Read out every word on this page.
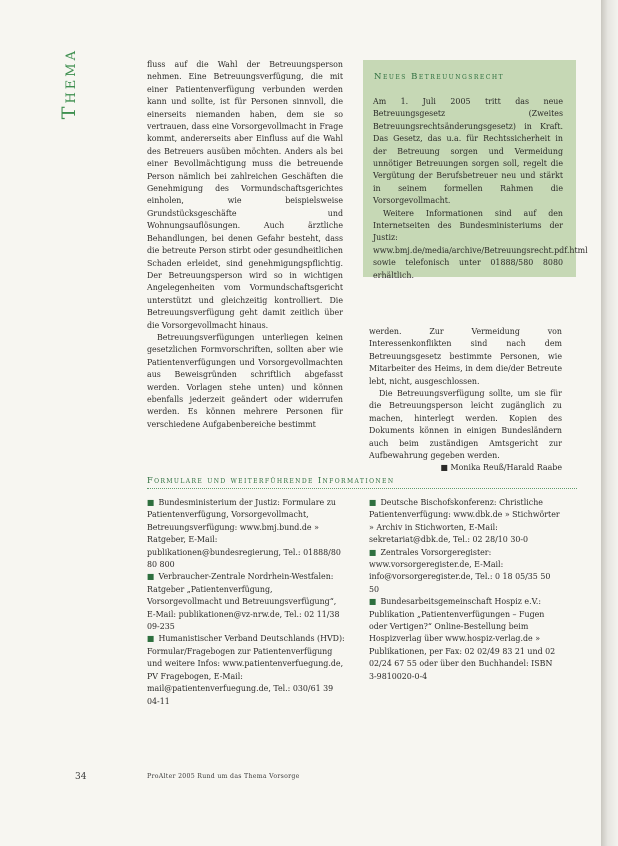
Thema	fluss auf die Wahl der Betreuungsperson nehmen. Eine Betreuungsverfügung, die mit einer Patientenverfügung verbunden werden kann und sollte, ist für Personen sinnvoll, die einerseits niemanden haben, dem sie so vertrauen, dass eine Vorsorgevollmacht in Frage kommt, andererseits aber Einfluss auf die Wahl des Betreuers ausüben möchten. Anders als bei einer Bevollmächtigung muss die betreuende Person nämlich bei zahlreichen Geschäften die Genehmigung des Vormundschaftsgerichtes einholen, wie beispielsweise Grundstücksgeschäfte und Wohnungsauflösungen. Auch ärztliche Behandlungen, bei denen Gefahr besteht, dass die betreute Person stirbt oder gesundheitlichen Schaden erleidet, sind genehmigungspflichtig. Der Betreuungsperson wird so in wichtigen Angelegenheiten vom Vormundschaftsgericht unterstützt und gleichzeitig kontrolliert. Die Betreuungsverfügung geht damit zeitlich über die Vorsorgevollmacht hinaus.

Betreuungsverfügungen unterliegen keinen gesetzlichen Formvorschriften, sollten aber wie Patientenverfügungen und Vorsorgevollmachten aus Beweisgründen schriftlich abgefasst werden. Vorlagen stehe unten) und können ebenfalls jederzeit geändert oder widerrufen werden. Es können mehrere Personen für verschiedene Aufgabenbereiche bestimmt

Neues Betreuungsrecht

Am 1. Juli 2005 tritt das neue Betreuungsgesetz (Zweites Betreuungsrechtsänderungsgesetz) in Kraft. Das Gesetz, das u.a. für Rechtssicherheit in der Betreuung sorgen und Vermeidung unnötiger Betreuungen sorgen soll, regelt die Vergütung der Berufsbetreuer neu und stärkt in seinem formellen Rahmen die Vorsorgevollmacht.

Weitere Informationen sind auf den Internetseiten des Bundesministeriums der Justiz: www.bmj.de/media/archive/Betreuungsrecht.pdf.html sowie telefonisch unter 01888/580 8080 erhältlich.

werden. Zur Vermeidung von Interessenkonflikten sind nach dem Betreuungsgesetz bestimmte Personen, wie Mitarbeiter des Heims, in dem die/der Betreute lebt, nicht, ausgeschlossen.

Die Betreuungsverfügung sollte, um sie für die Betreuungsperson leicht zugänglich zu machen, hinterlegt werden. Kopien des Dokuments können in einigen Bundesländern auch beim zuständigen Amtsgericht zur Aufbewahrung gegeben werden.

■ Monika Reuß/Harald Raabe

Formulare und weiterführende Informationen

■ Bundesministerium der Justiz: Formulare zu Patientenverfügung, Vorsorgevollmacht, Betreuungsverfügung: www.bmj.bund.de » Ratgeber, E-Mail: publikationen@bundesregierung, Tel.: 01888/80 80 800

■ Verbraucher-Zentrale Nordrhein-Westfalen: Ratgeber „Patientenverfügung, Vorsorgevollmacht und Betreuungsverfügung“, E-Mail: publikationen@vz-nrw.de, Tel.: 02 11/38 09-235

■ Humanistischer Verband Deutschlands (HVD): Formular/Fragebogen zur Patientenverfügung und weitere Infos: www.patientenverfuegung.de, PV Fragebogen, E-Mail: mail@patientenverfuegung.de, Tel.: 030/61 39 04-11

■ Deutsche Bischofskonferenz: Christliche Patientenverfügung: www.dbk.de » Stichwörter » Archiv in Stichworten, E-Mail: sekretariat@dbk.de, Tel.: 02 28/10 30-0

■ Zentrales Vorsorgeregister: www.vorsorgeregister.de, E-Mail: info@vorsorgeregister.de, Tel.: 0 18 05/35 50 50

■ Bundesarbeitsgemeinschaft Hospiz e.V.: Publikation „Patientenverfügungen – Fugen oder Vertigen?“ Online-Bestellung beim Hospizverlag über www.hospiz-verlag.de » Publikationen, per Fax: 02 02/49 83 21 und 02 02/24 67 55 oder über den Buchhandel: ISBN 3-9810020-0-4

34	ProAlter 2005 Rund um das Thema Vorsorge
